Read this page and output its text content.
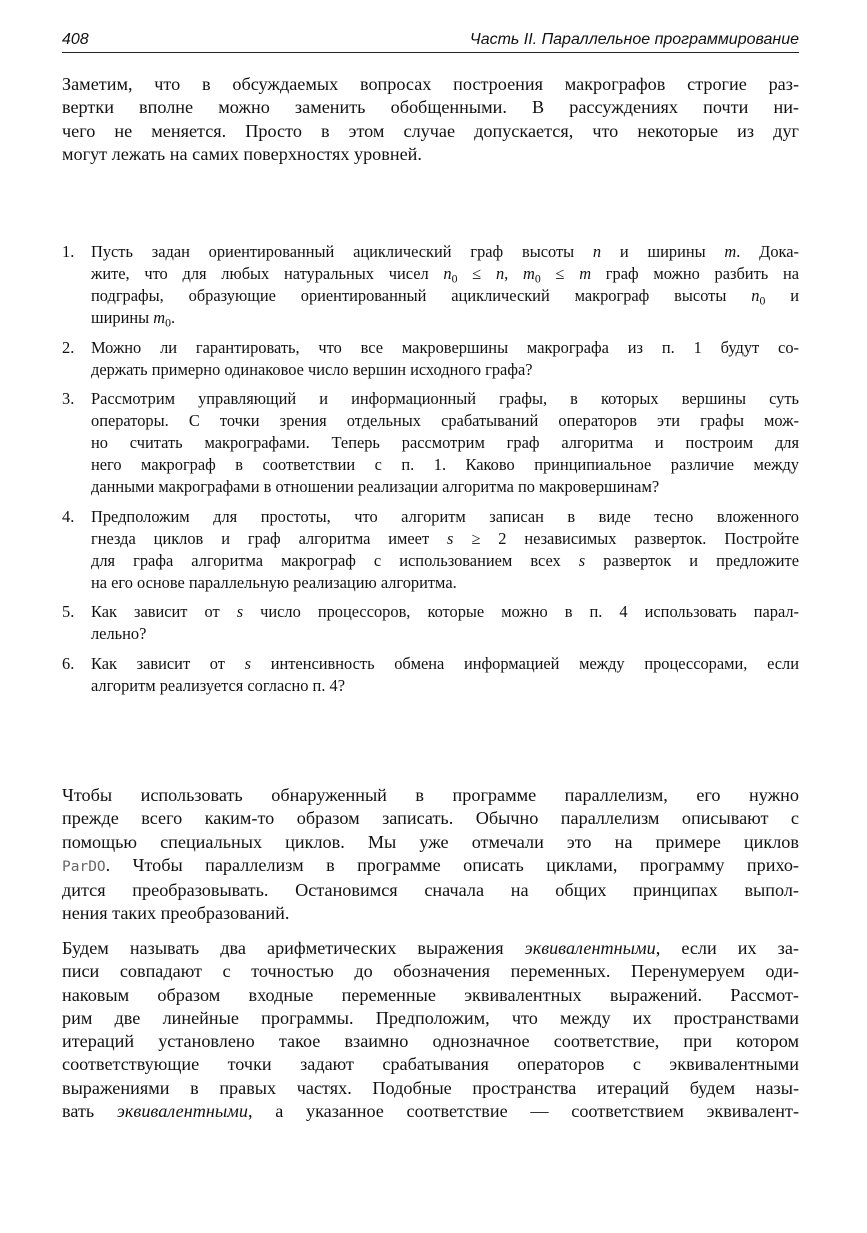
408	Часть II. Параллельное программирование

Заметим, что в обсуждаемых вопросах построения макрографов строгие раз-
вертки вполне можно заменить обобщенными. В рассуждениях почти ни-
чего не меняется. Просто в этом случае допускается, что некоторые из дуг
могут лежать на самих поверхностях уровней.

1. Пусть задан ориентированный ациклический граф высоты n и ширины m. Дока-
жите, что для любых натуральных чисел $n_0 \le n$, $m_0 \le m$ граф можно разбить на
подграфы, образующие ориентированный ациклический макрограф высоты $n_0$ и
ширины $m_0$.
2. Можно ли гарантировать, что все макровершины макрографа из п. 1 будут со-
держать примерно одинаковое число вершин исходного графа?
3. Рассмотрим управляющий и информационный графы, в которых вершины суть
операторы. С точки зрения отдельных срабатываний операторов эти графы мож-
но считать макрографами. Теперь рассмотрим граф алгоритма и построим для
него макрограф в соответствии с п. 1. Каково принципиальное различие между
данными макрографами в отношении реализации алгоритма по макровершинам?
4. Предположим для простоты, что алгоритм записан в виде тесно вложенного
гнезда циклов и граф алгоритма имеет s ≥ 2 независимых разверток. Постройте
для графа алгоритма макрограф с использованием всех s разверток и предложите
на его основе параллельную реализацию алгоритма.
5. Как зависит от s число процессоров, которые можно в п. 4 использовать парал-
лельно?
6. Как зависит от s интенсивность обмена информацией между процессорами, если
алгоритм реализуется согласно п. 4?

Чтобы использовать обнаруженный в программе параллелизм, его нужно
прежде всего каким-то образом записать. Обычно параллелизм описывают с
помощью специальных циклов. Мы уже отмечали это на примере циклов
ParDO. Чтобы параллелизм в программе описать циклами, программу прихо-
дится преобразовывать. Остановимся сначала на общих принципах выпол-
нения таких преобразований.

Будем называть два арифметических выражения эквивалентными, если их за-
писи совпадают с точностью до обозначения переменных. Перенумеруем оди-
наковым образом входные переменные эквивалентных выражений. Рассмот-
рим две линейные программы. Предположим, что между их пространствами
итераций установлено такое взаимно однозначное соответствие, при котором
соответствующие точки задают срабатывания операторов с эквивалентными
выражениями в правых частях. Подобные пространства итераций будем назы-
вать эквивалентными, а указанное соответствие — соответствием эквивалент-
